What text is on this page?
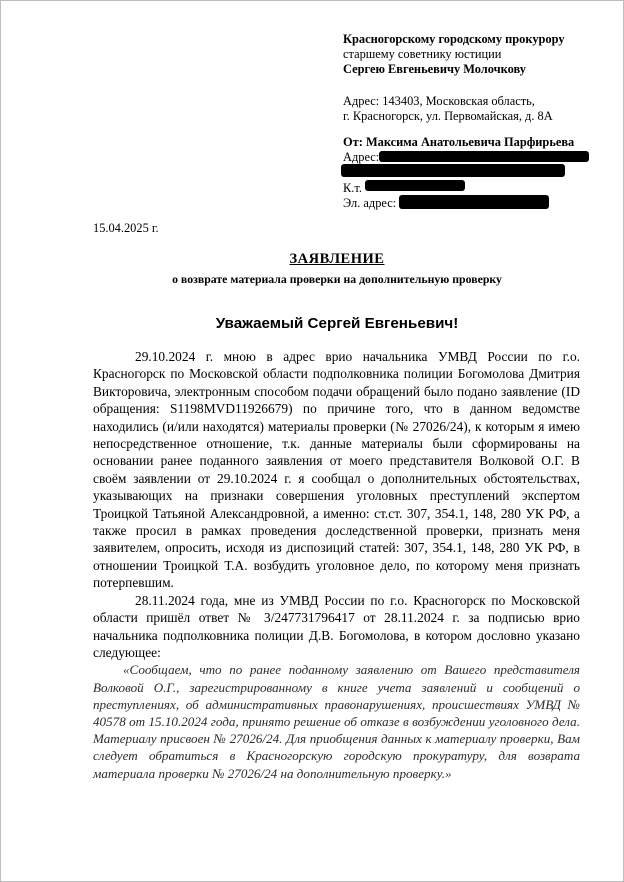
Красногорскому городскому прокурору
старшему советнику юстиции
Сергею Евгеньевичу Молочкову
Адрес: 143403, Московская область,
г. Красногорск, ул. Первомайская, д. 8А
От: Максима Анатольевича Парфирьева
Адрес:

К.т.
Эл. адрес:
15.04.2025 г.
ЗАЯВЛЕНИЕ
о возврате материала проверки на дополнительную проверку
Уважаемый Сергей Евгеньевич!

29.10.2024 г. мною в адрес врио начальника УМВД России по г.о. Красногорск по Московской области подполковника полиции Богомолова Дмитрия Викторовича, электронным способом подачи обращений было подано заявление (ID обращения: S1198MVD11926679) по причине того, что в данном ведомстве находились (и/или находятся) материалы проверки (№ 27026/24), к которым я имею непосредственное отношение, т.к. данные материалы были сформированы на основании ранее поданного заявления от моего представителя Волковой О.Г. В своём заявлении от 29.10.2024 г. я сообщал о дополнительных обстоятельствах, указывающих на признаки совершения уголовных преступлений экспертом Троицкой Татьяной Александровной, а именно: ст.ст. 307, 354.1, 148, 280 УК РФ, а также просил в рамках проведения доследственной проверки, признать меня заявителем, опросить, исходя из диспозиций статей: 307, 354.1, 148, 280 УК РФ, в отношении Троицкой Т.А. возбудить уголовное дело, по которому меня признать потерпевшим.

28.11.2024 года, мне из УМВД России по г.о. Красногорск по Московской области пришёл ответ № 3/247731796417 от 28.11.2024 г. за подписью врио начальника подполковника полиции Д.В. Богомолова, в котором дословно указано следующее:

«Сообщаем, что по ранее поданному заявлению от Вашего представителя Волковой О.Г., зарегистрированному в книге учета заявлений и сообщений о преступлениях, об административных правонарушениях, происшествиях УМВД № 40578 от 15.10.2024 года, принято решение об отказе в возбуждении уголовного дела. Материалу присвоен № 27026/24. Для приобщения данных к материалу проверки, Вам следует обратиться в Красногорскую городскую прокуратуру, для возврата материала проверки № 27026/24 на дополнительную проверку.»
